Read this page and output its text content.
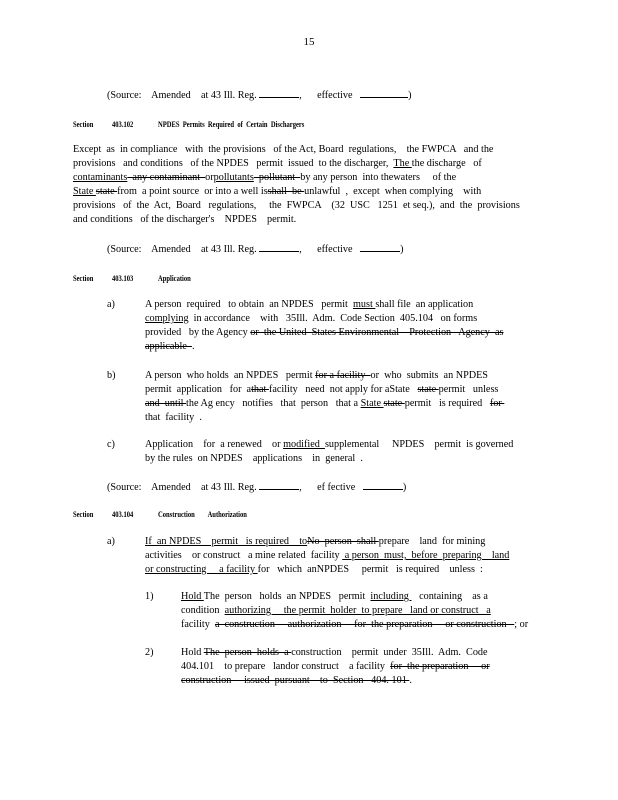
15
(Source: Amended at 43 Ill. Reg.	, effective	)
Section 403.102	NPDES  Permits  Required  of  Certain  Dischargers
Except  as  in compliance   with  the provisions   of the Act, Board  regulations,    the FWPCA   and the
provisions   and conditions   of the NPDES   permit  issued  to the discharger,  The the discharge   of
contaminants  any contaminant  orpollutants  pollutant  by any person  into thewaters     of the
State state from  a point source  or into a well isshall  be unlawful  ,  except  when complying    with
provisions   of  the  Act,  Board   regulations,     the  FWPCA    (32  USC   1251  et seq.),  and  the  provisions
and conditions   of the discharger's    NPDES    permit.
(Source: Amended at 43 Ill. Reg.	, effective	)
Section 403.103	Application
a)	A person  required   to obtain  an NPDES   permit  must shall file  an application
complying  in accordance    with   35Ill.  Adm.  Code Section  405.104   on forms
provided   by the Agency or  the United  States Environmental    Protection   Agency  as
applicable  .
b)	A person  who holds  an NPDES   permit for a facility  or  who  submits  an NPDES
permit  application   for  athat facility   need  not apply for aState   state permit   unless
and  until the Ag ency   notifies   that  person   that a State state permit   is required   for
that  facility  .
c)	Application    for  a renewed    or modified  supplemental     NPDES    permit  is governed
by the rules  on NPDES    applications    in  general  .
(Source: Amended at 43 Ill. Reg.	, ef fective	)
Section 403.104	Construction        Authorization
a)	If  an NPDES    permit   is required    toNo  person  shall prepare    land  for mining
activities    or construct   a mine related  facility  a person  must,  before  preparing    land
or constructing     a facility for   which  anNPDES     permit   is required    unless  :
1)	Hold The  person   holds  an NPDES   permit  including    containing    as a
condition  authorizing     the permit  holder  to prepare   land or construct   a
facility  a  construction     authorization     for  the preparation     or construction   ; or
2)	Hold The  person  holds  a construction    permit  under  35Ill.  Adm.  Code
404.101    to prepare   landor construct    a facility  for  the preparation     or
construction     issued  pursuant    to  Section   404. 101 .
